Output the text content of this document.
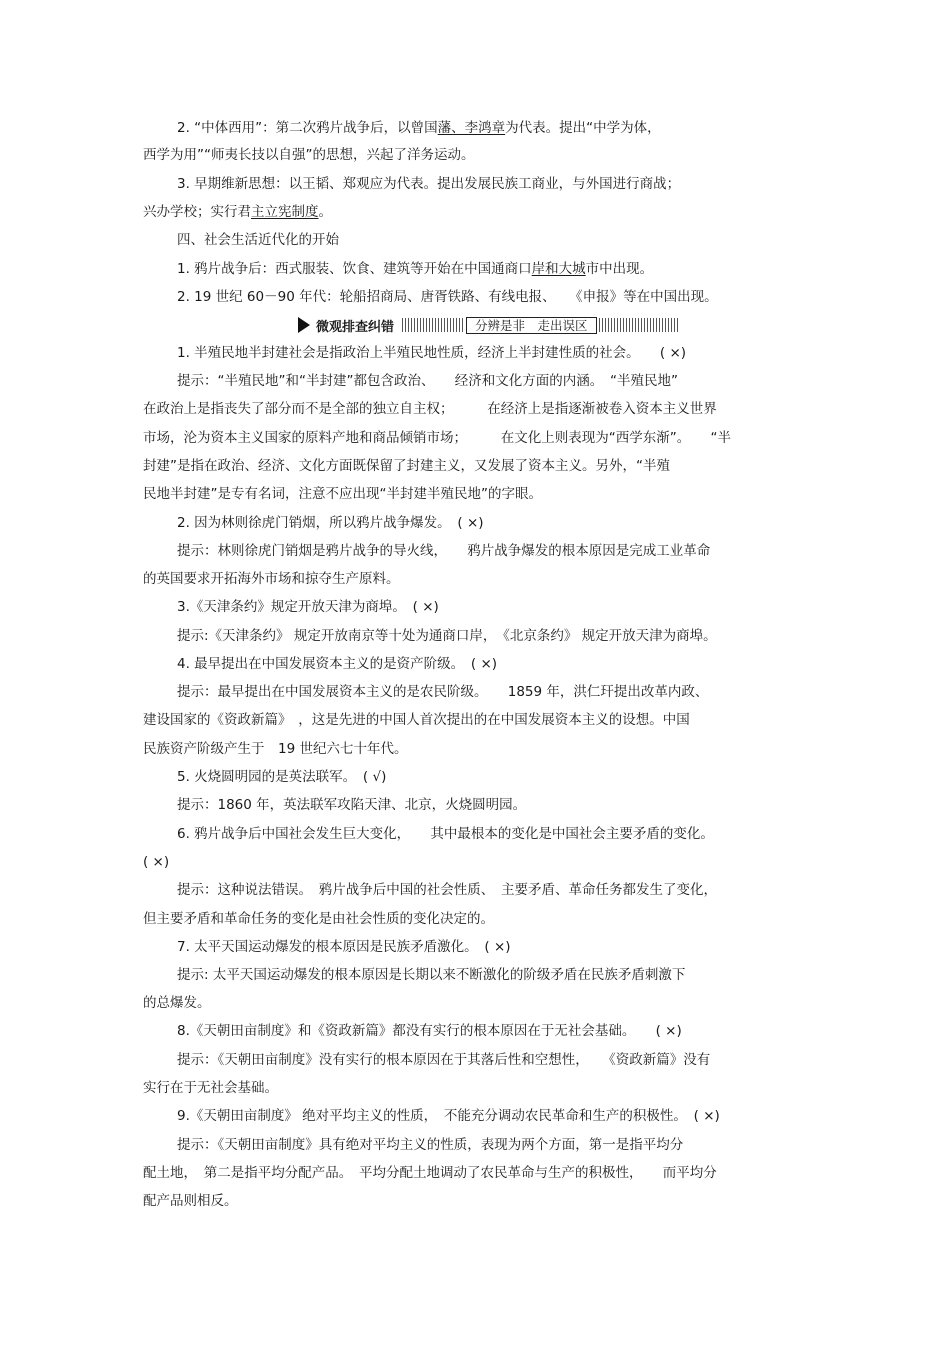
2. “中体西用”：第二次鸦片战争后，以曾国藩、李鸿章为代表。提出“中学为体，
西学为用”“师夷长技以自强”的思想，兴起了洋务运动。
3. 早期维新思想：以王韬、郑观应为代表。提出发展民族工商业，与外国进行商战；
兴办学校；实行君主立宪制度。
四、社会生活近代化的开始
1. 鸦片战争后：西式服装、饮食、建筑等开始在中国通商口岸和大城市中出现。
2. 19 世纪 60－90 年代：轮船招商局、唐胥铁路、有线电报、　　《申报》等在中国出现。
微观排查纠错	分辨是非　走出误区
1. 半殖民地半封建社会是指政治上半殖民地性质，经济上半封建性质的社会。　　( ×)
提示：“半殖民地”和“半封建”都包含政治、　　经济和文化方面的内涵。　“半殖民地”
在政治上是指丧失了部分而不是全部的独立自主权；　　　在经济上是指逐渐被卷入资本主义世界
市场，沦为资本主义国家的原料产地和商品倾销市场；　　　在文化上则表现为“西学东渐”。　　“半
封建”是指在政治、经济、文化方面既保留了封建主义，又发展了资本主义。另外，“半殖
民地半封建”是专有名词，注意不应出现“半封建半殖民地”的字眼。
2. 因为林则徐虎门销烟，所以鸦片战争爆发。　( ×)
提示：林则徐虎门销烟是鸦片战争的导火线，　　鸦片战争爆发的根本原因是完成工业革命
的英国要求开拓海外市场和掠夺生产原料。
3.《天津条约》规定开放天津为商埠。　( ×)
提示:《天津条约》 规定开放南京等十处为通商口岸，　《北京条约》 规定开放天津为商埠。
4. 最早提出在中国发展资本主义的是资产阶级。　( ×)
提示：最早提出在中国发展资本主义的是农民阶级。　　1859 年，洪仁玕提出改革内政、
建设国家的《资政新篇》　，这是先进的中国人首次提出的在中国发展资本主义的设想。中国
民族资产阶级产生于　19 世纪六七十年代。
5. 火烧圆明园的是英法联军。　( √)
提示：1860 年，英法联军攻陷天津、北京，火烧圆明园。
6. 鸦片战争后中国社会发生巨大变化，　　其中最根本的变化是中国社会主要矛盾的变化。
( ×)
提示：这种说法错误。　鸦片战争后中国的社会性质、　主要矛盾、革命任务都发生了变化，
但主要矛盾和革命任务的变化是由社会性质的变化决定的。
7. 太平天国运动爆发的根本原因是民族矛盾激化。　( ×)
提示: 太平天国运动爆发的根本原因是长期以来不断激化的阶级矛盾在民族矛盾刺激下
的总爆发。
8.《天朝田亩制度》和《资政新篇》都没有实行的根本原因在于无社会基础。　　( ×)
提示：《天朝田亩制度》没有实行的根本原因在于其落后性和空想性，　　《资政新篇》没有
实行在于无社会基础。
9.《天朝田亩制度》 绝对平均主义的性质，　不能充分调动农民革命和生产的积极性。　( ×)
提示：《天朝田亩制度》具有绝对平均主义的性质，表现为两个方面，第一是指平均分
配土地，　第二是指平均分配产品。　平均分配土地调动了农民革命与生产的积极性，　　而平均分
配产品则相反。
